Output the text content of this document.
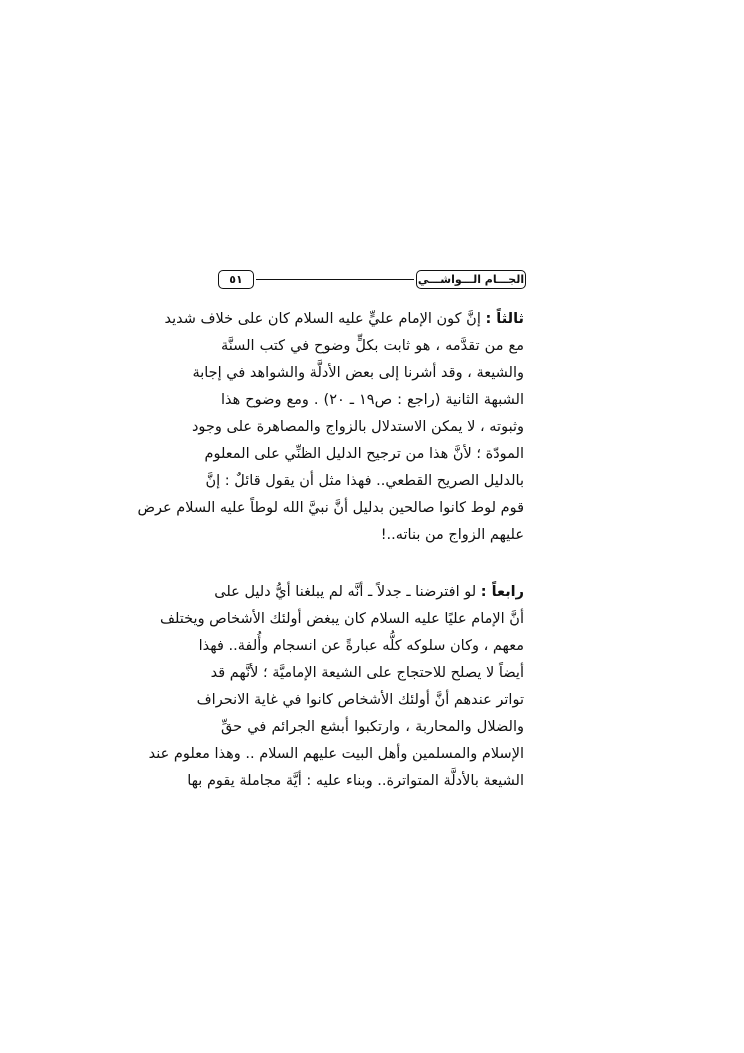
الجـــام الـــواشـــي
٥١
ثالثاً : إنَّ كون الإمام عليٍّ عليه السلام كان على خلاف شديد
مع من تقدَّمه ، هو ثابت بكلٍّ وضوح في كتب السنَّة
والشيعة ، وقد أشرنا إلى بعض الأدلَّة والشواهد في إجابة
الشبهة الثانية (راجع : ص١٩ ـ ٢٠) . ومع وضوح هذا
وثبوته ، لا يمكن الاستدلال بالزواج والمصاهرة على وجود
المودّة ؛ لأنَّ هذا من ترجيح الدليل الظنِّي على المعلوم
بالدليل الصريح القطعي.. فهذا مثل أن يقول قائلٌ : إنَّ
قوم لوط كانوا صالحين بدليل أنَّ نبيَّ الله لوطاً عليه السلام عرض
عليهم الزواج من بناته..!
رابعاً : لو افترضنا ـ جدلاً ـ أنَّه لم يبلغنا أيُّ دليل على
أنَّ الإمام عليًا عليه السلام كان يبغض أولئك الأشخاص ويختلف
معهم ، وكان سلوكه كلُّه عبارةً عن انسجام وأُلفة.. فهذا
أيضاً لا يصلح للاحتجاج على الشيعة الإماميَّة ؛ لأنَّهم قد
تواتر عندهم أنَّ أولئك الأشخاص كانوا في غاية الانحراف
والضلال والمحاربة ، وارتكبوا أبشع الجرائم في حقِّ
الإسلام والمسلمين وأهل البيت عليهم السلام .. وهذا معلوم عند
الشيعة بالأدلَّة المتواترة.. وبناء عليه : أيَّة مجاملة يقوم بها
